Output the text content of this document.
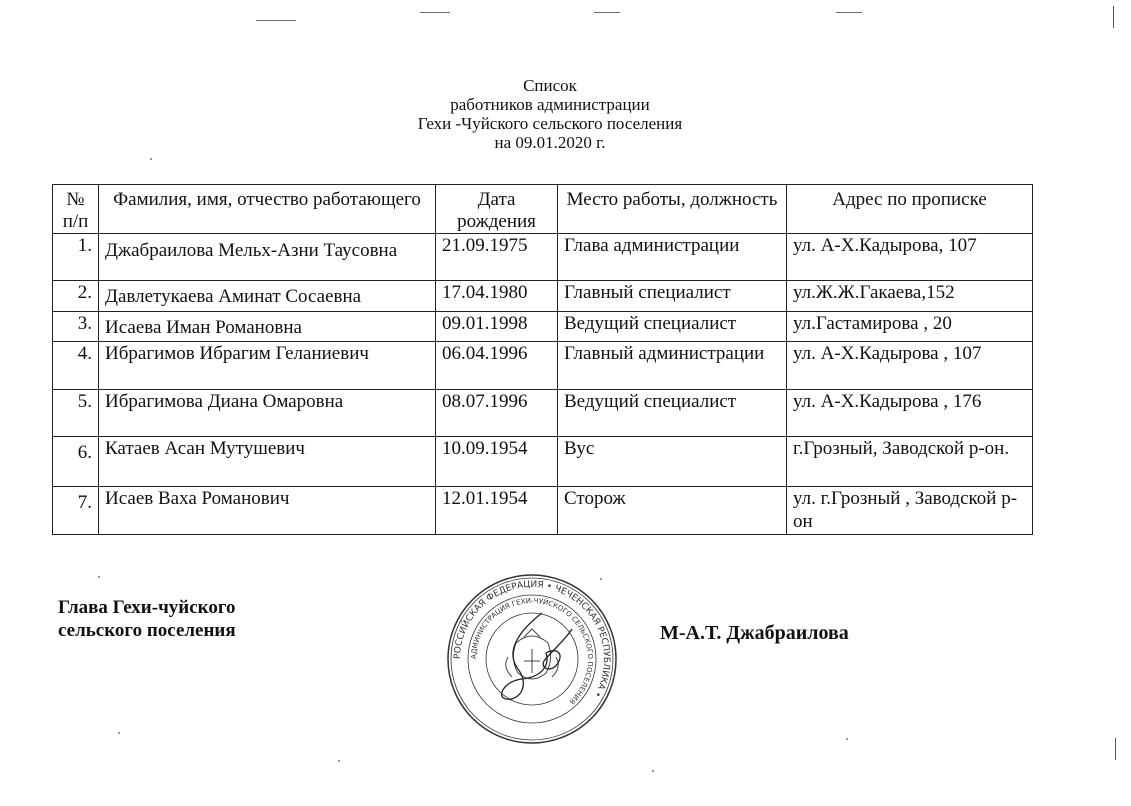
Список
работников администрации
Гехи -Чуйского сельского поселения
на 09.01.2020 г.
№ п/п	Фамилия, имя, отчество работающего	Дата рождения	Место работы, должность	Адрес по прописке
1.	Джабраилова Мельх-Азни Таусовна	21.09.1975	Глава администрации	ул. А-Х.Кадырова, 107
2.	Давлетукаева Аминат Сосаевна	17.04.1980	Главный специалист	ул.Ж.Ж.Гакаева,152
3.	Исаева Иман Романовна	09.01.1998	Ведущий специалист	ул.Гастамирова , 20
4.	Ибрагимов Ибрагим Геланиевич	06.04.1996	Главный администрации	ул. А-Х.Кадырова , 107
5.	Ибрагимова Диана Омаровна	08.07.1996	Ведущий специалист	ул. А-Х.Кадырова , 176

6.	Катаев Асан Мутушевич	10.09.1954	Вус	г.Грозный, Заводской р-он.

7.	Исаев Ваха Романович	12.01.1954	Сторож	ул. г.Грозный , Заводской р-он
Глава Гехи-чуйского
сельского поселения
РОССИЙСКАЯ ФЕДЕРАЦИЯ • ЧЕЧЕНСКАЯ РЕСПУБЛИКА •
АДМИНИСТРАЦИЯ ГЕХИ-ЧУЙСКОГО СЕЛЬСКОГО ПОСЕЛЕНИЯ
М-А.Т. Джабраилова
